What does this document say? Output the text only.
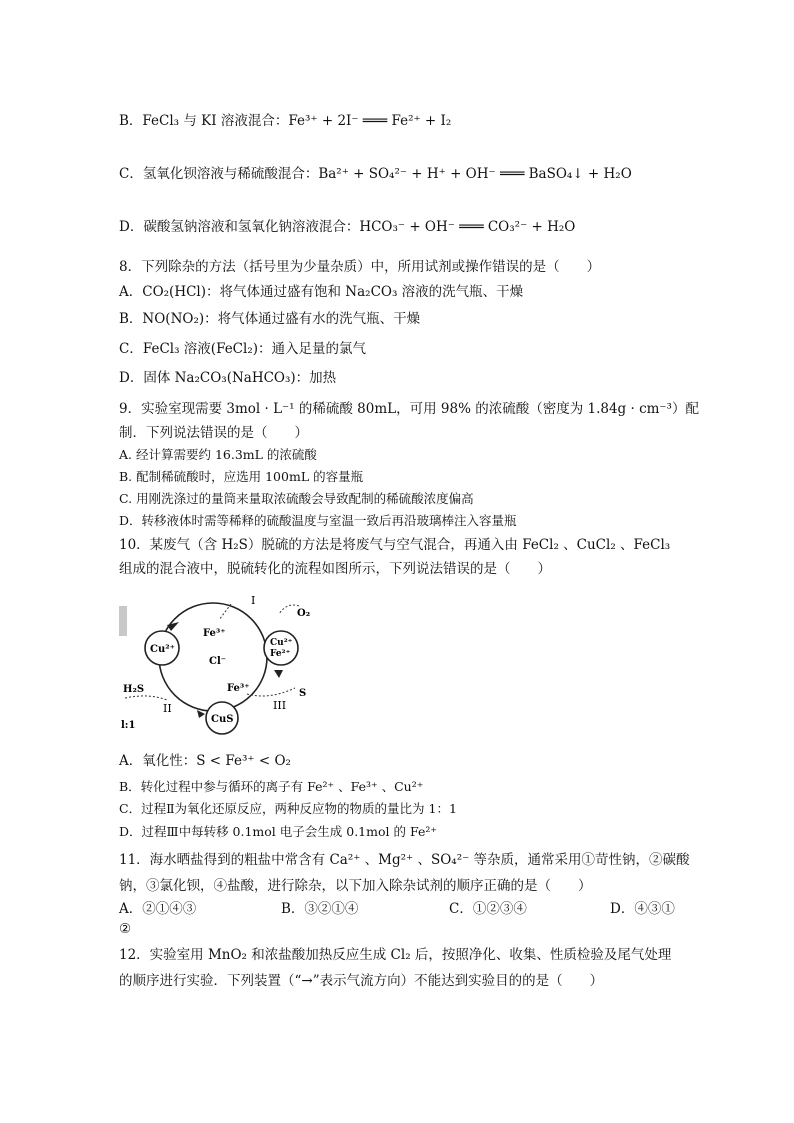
B．FeCl₃ 与 KI 溶液混合：Fe³⁺ + 2I⁻ ═══ Fe²⁺ + I₂
C．氢氧化钡溶液与稀硫酸混合：Ba²⁺ + SO₄²⁻ + H⁺ + OH⁻ ═══ BaSO₄↓ + H₂O
D．碳酸氢钠溶液和氢氧化钠溶液混合：HCO₃⁻ + OH⁻ ═══ CO₃²⁻ + H₂O
8．下列除杂的方法（括号里为少量杂质）中，所用试剂或操作错误的是（　　）
A．CO₂(HCl)：将气体通过盛有饱和 Na₂CO₃ 溶液的洗气瓶、干燥
B．NO(NO₂)：将气体通过盛有水的洗气瓶、干燥
C．FeCl₃ 溶液(FeCl₂)：通入足量的氯气
D．固体 Na₂CO₃(NaHCO₃)：加热
9．实验室现需要 3mol · L⁻¹ 的稀硫酸 80mL，可用 98% 的浓硫酸（密度为 1.84g · cm⁻³）配
制．下列说法错误的是（　　）
A. 经计算需要约 16.3mL 的浓硫酸
B. 配制稀硫酸时，应选用 100mL 的容量瓶
C. 用刚洗涤过的量筒来量取浓硫酸会导致配制的稀硫酸浓度偏高
D．转移液体时需等稀释的硫酸温度与室温一致后再沿玻璃棒注入容量瓶
10．某废气（含 H₂S）脱硫的方法是将废气与空气混合，再通入由 FeCl₂ 、CuCl₂ 、FeCl₃
组成的混合液中，脱硫转化的流程如图所示，下列说法错误的是（　　）
Cu²⁺
Cu²⁺
Fe²⁺
Fe³⁺
Cl⁻
I
O₂
H₂S
II
CuS
Fe³⁺
III
S
l:1
A．氧化性：S < Fe³⁺ < O₂
B．转化过程中参与循环的离子有 Fe²⁺ 、Fe³⁺ 、Cu²⁺
C．过程Ⅱ为氧化还原反应，两种反应物的物质的量比为 1：1
D．过程Ⅲ中每转移 0.1mol 电子会生成 0.1mol 的 Fe²⁺
11．海水晒盐得到的粗盐中常含有 Ca²⁺ 、Mg²⁺ 、SO₄²⁻ 等杂质，通常采用①苛性钠，②碳酸
钠，③氯化钡，④盐酸，进行除杂，以下加入除杂试剂的顺序正确的是（　　）
A．②①④③	B．③②①④	C．①②③④	D．④③①
②
12．实验室用 MnO₂ 和浓盐酸加热反应生成 Cl₂ 后，按照净化、收集、性质检验及尾气处理
的顺序进行实验．下列装置（“→”表示气流方向）不能达到实验目的的是（　　）
